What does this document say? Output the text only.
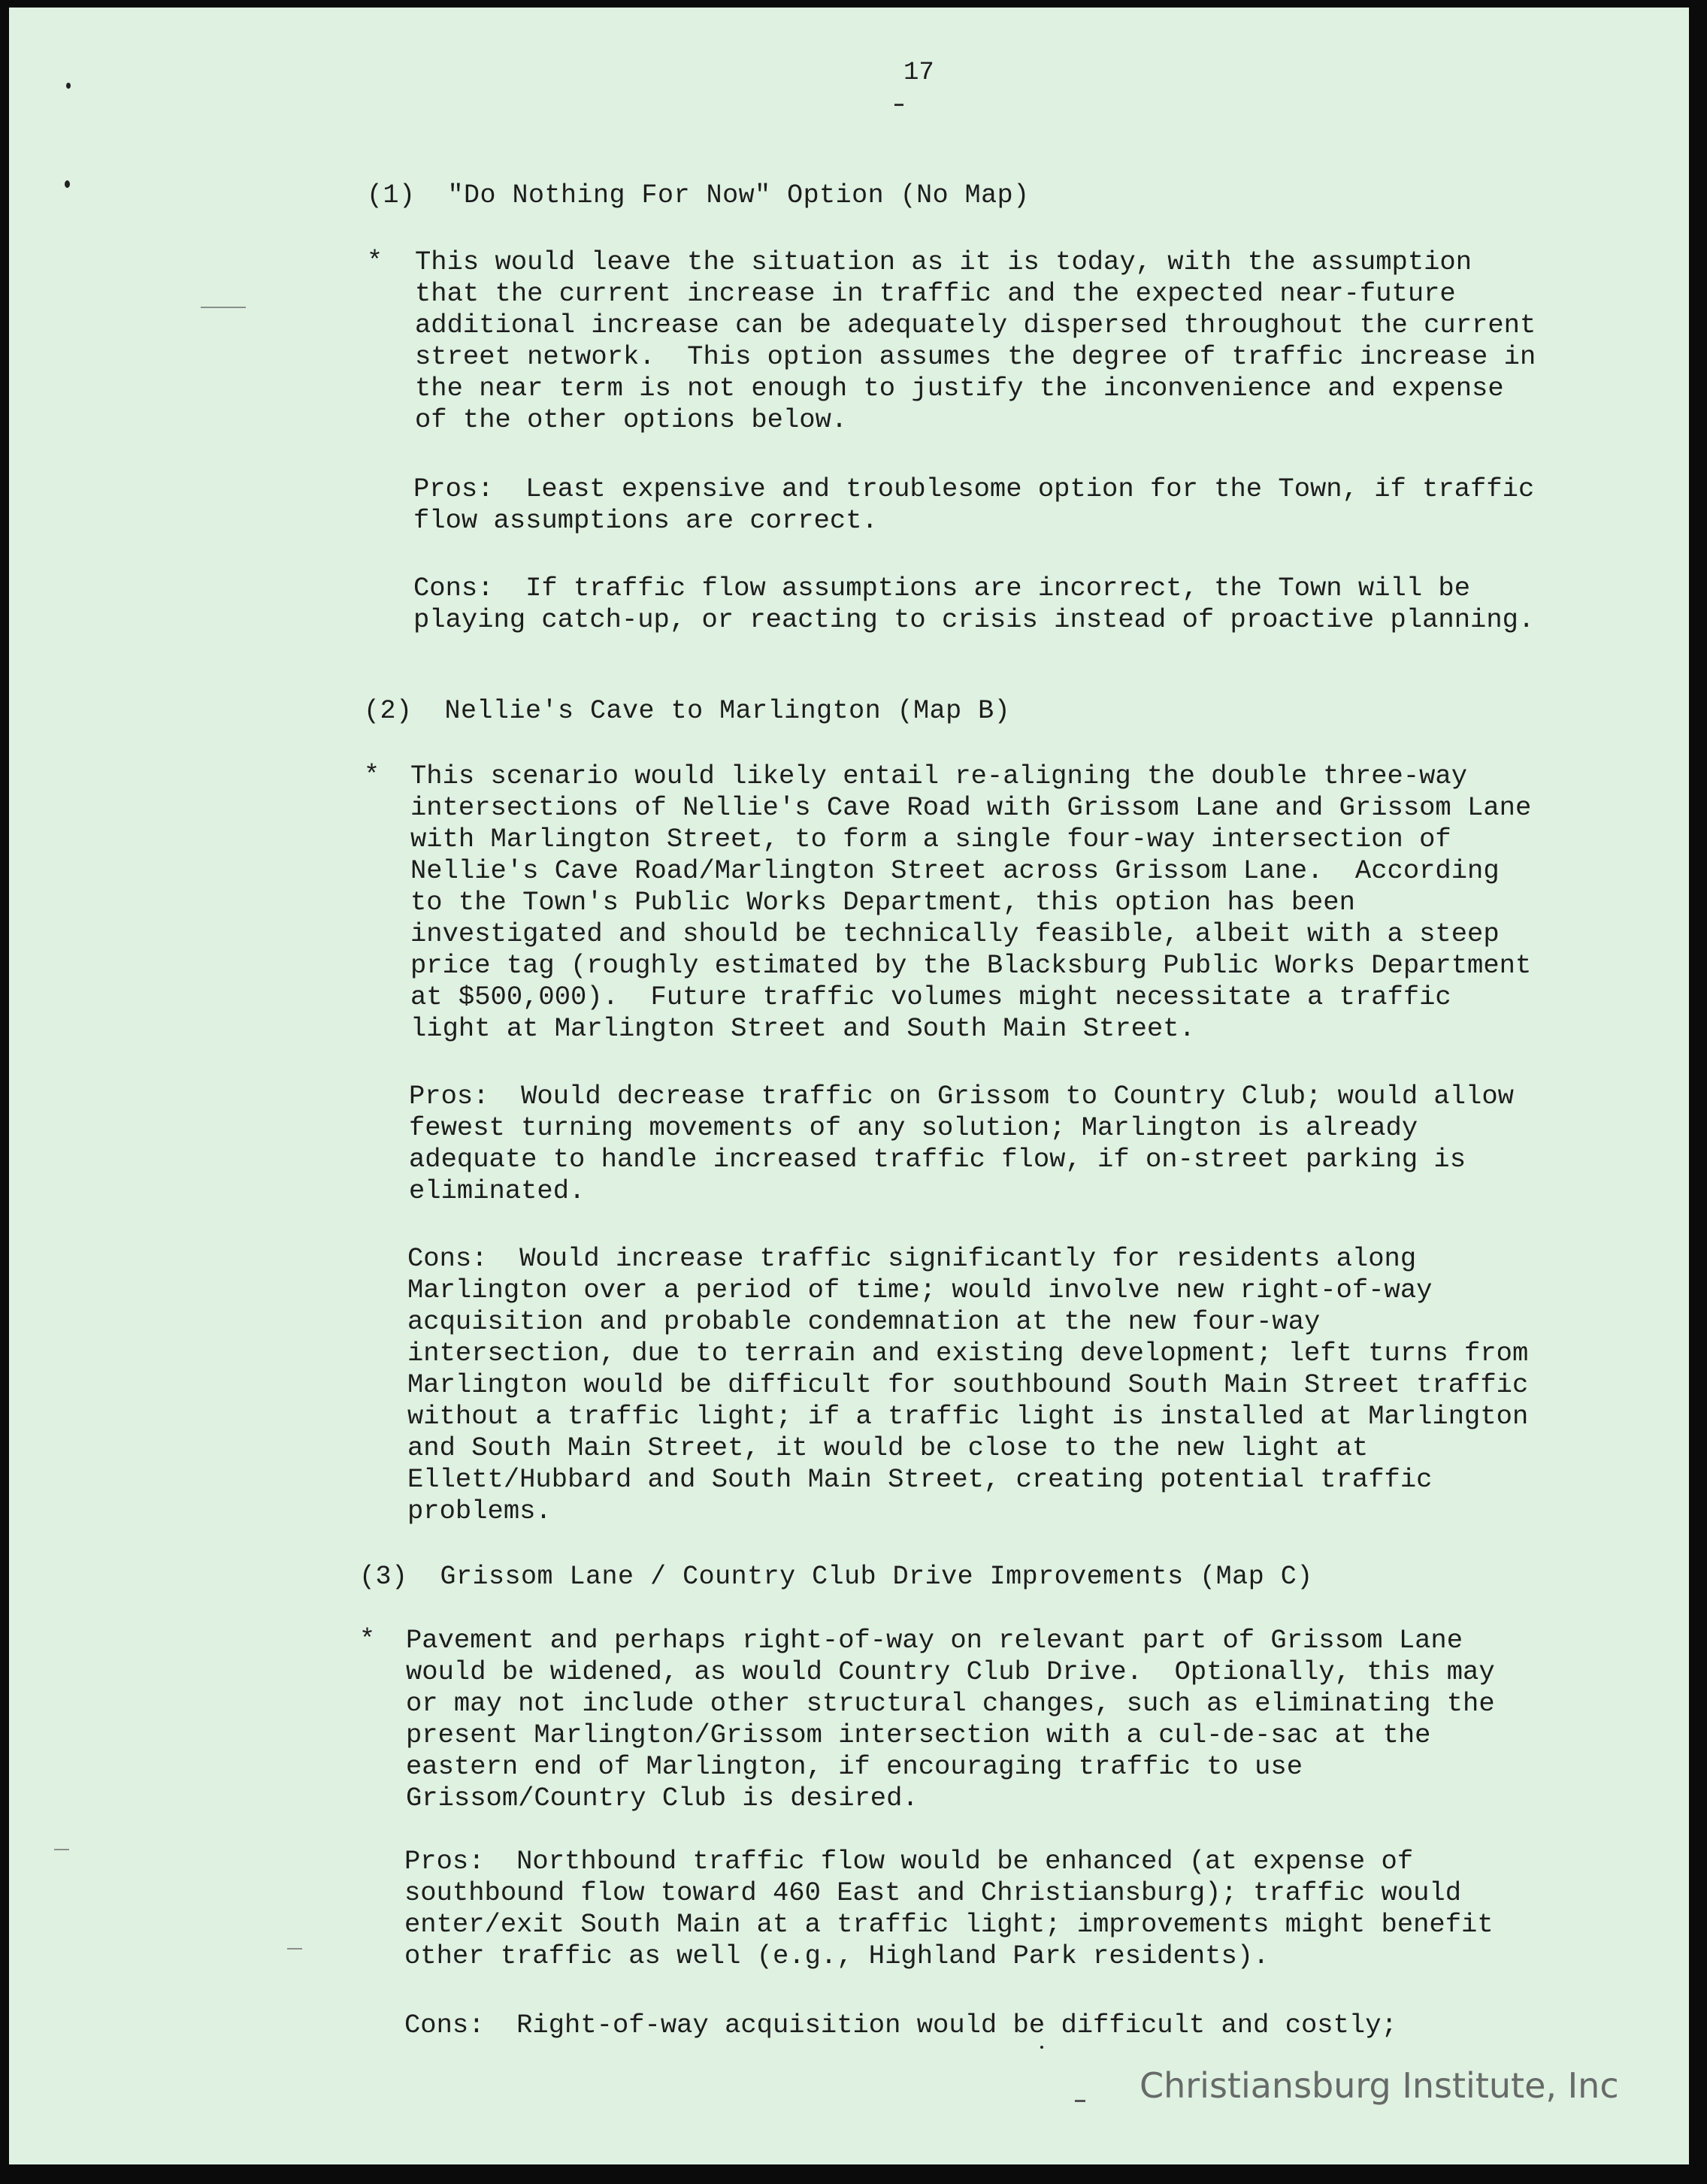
17
(1)  "Do Nothing For Now" Option (No Map)
* This would leave the situation as it is today, with the assumption
that the current increase in traffic and the expected near-future
additional increase can be adequately dispersed throughout the current
street network.  This option assumes the degree of traffic increase in
the near term is not enough to justify the inconvenience and expense
of the other options below.
Pros:  Least expensive and troublesome option for the Town, if traffic
flow assumptions are correct.
Cons:  If traffic flow assumptions are incorrect, the Town will be
playing catch-up, or reacting to crisis instead of proactive planning.
(2)  Nellie's Cave to Marlington (Map B)
* This scenario would likely entail re-aligning the double three-way
intersections of Nellie's Cave Road with Grissom Lane and Grissom Lane
with Marlington Street, to form a single four-way intersection of
Nellie's Cave Road/Marlington Street across Grissom Lane.  According
to the Town's Public Works Department, this option has been
investigated and should be technically feasible, albeit with a steep
price tag (roughly estimated by the Blacksburg Public Works Department
at $500,000).  Future traffic volumes might necessitate a traffic
light at Marlington Street and South Main Street.
Pros:  Would decrease traffic on Grissom to Country Club; would allow
fewest turning movements of any solution; Marlington is already
adequate to handle increased traffic flow, if on-street parking is
eliminated.
Cons:  Would increase traffic significantly for residents along
Marlington over a period of time; would involve new right-of-way
acquisition and probable condemnation at the new four-way
intersection, due to terrain and existing development; left turns from
Marlington would be difficult for southbound South Main Street traffic
without a traffic light; if a traffic light is installed at Marlington
and South Main Street, it would be close to the new light at
Ellett/Hubbard and South Main Street, creating potential traffic
problems.
(3)  Grissom Lane / Country Club Drive Improvements (Map C)
* Pavement and perhaps right-of-way on relevant part of Grissom Lane
would be widened, as would Country Club Drive.  Optionally, this may
or may not include other structural changes, such as eliminating the
present Marlington/Grissom intersection with a cul-de-sac at the
eastern end of Marlington, if encouraging traffic to use
Grissom/Country Club is desired.
Pros:  Northbound traffic flow would be enhanced (at expense of
southbound flow toward 460 East and Christiansburg); traffic would
enter/exit South Main at a traffic light; improvements might benefit
other traffic as well (e.g., Highland Park residents).
Cons:  Right-of-way acquisition would be difficult and costly;
Christiansburg Institute, Inc
